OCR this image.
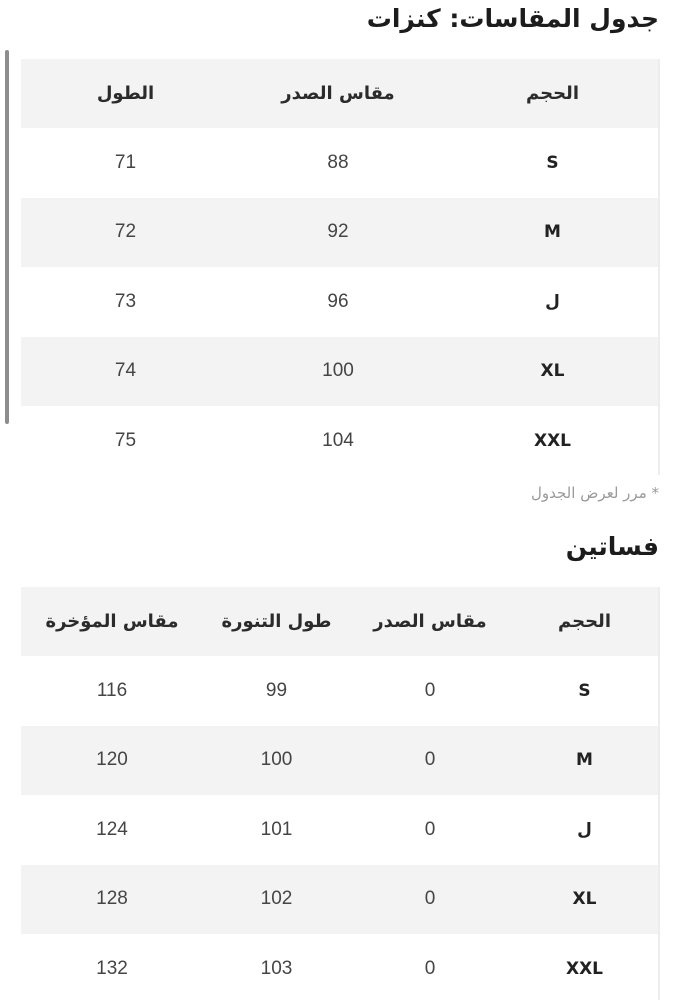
جدول المقاسات: كنزات
الحجم	مقاس الصدر	الطول
S	88	71
M	92	72
ل	96	73
XL	100	74
XXL	104	75

* مرر لعرض الجدول

فساتين
الحجم	مقاس الصدر	طول التنورة	مقاس المؤخرة
S	0	99	116
M	0	100	120
ل	0	101	124
XL	0	102	128
XXL	0	103	132
